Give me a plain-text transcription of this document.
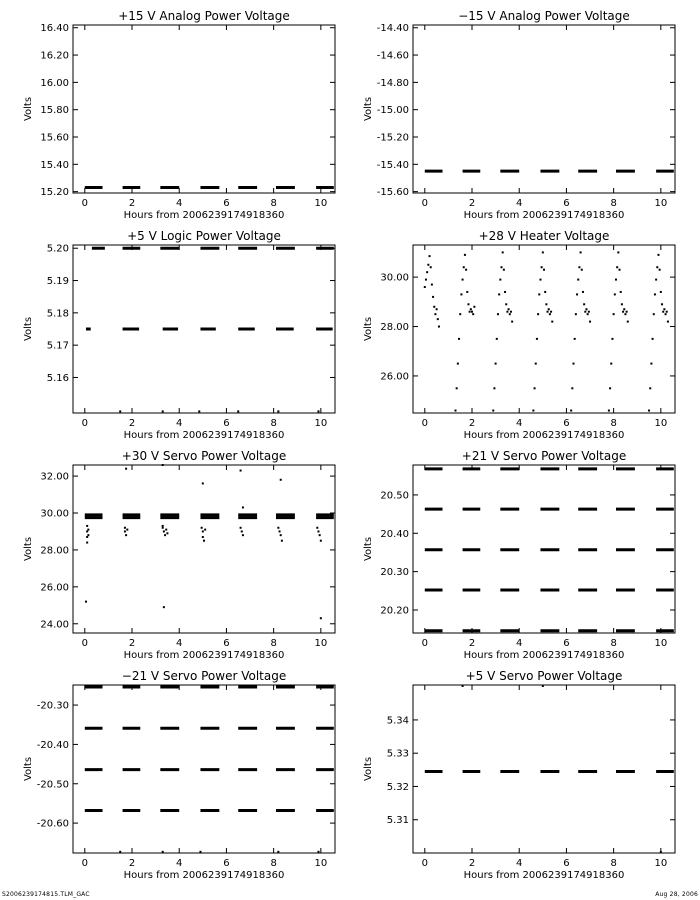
+15 V Analog Power Voltage
Hours from 2006239174918360
Volts
0	2	4	6	8	10
15.20
15.40
15.60
15.80
16.00
16.20
16.40
−15 V Analog Power Voltage
Hours from 2006239174918360
Volts
0	2	4	6	8	10
-15.60
-15.40
-15.20
-15.00
-14.80
-14.60
-14.40
+5 V Logic Power Voltage
Hours from 2006239174918360
Volts
0	2	4	6	8	10
5.16
5.17
5.18
5.19
5.20
+28 V Heater Voltage
Hours from 2006239174918360
Volts
0	2	4	6	8	10
26.00
28.00
30.00
+30 V Servo Power Voltage
Hours from 2006239174918360
Volts
0	2	4	6	8	10
24.00
26.00
28.00
30.00
32.00
+21 V Servo Power Voltage
Hours from 2006239174918360
Volts
0	2	4	6	8	10
20.20
20.30
20.40
20.50
−21 V Servo Power Voltage
Hours from 2006239174918360
Volts
0	2	4	6	8	10
-20.60
-20.50
-20.40
-20.30
+5 V Servo Power Voltage
Hours from 2006239174918360
Volts
0	2	4	6	8	10
5.31
5.32
5.33
5.34
S2006239174815.TLM_GAC	Aug 28, 2006
